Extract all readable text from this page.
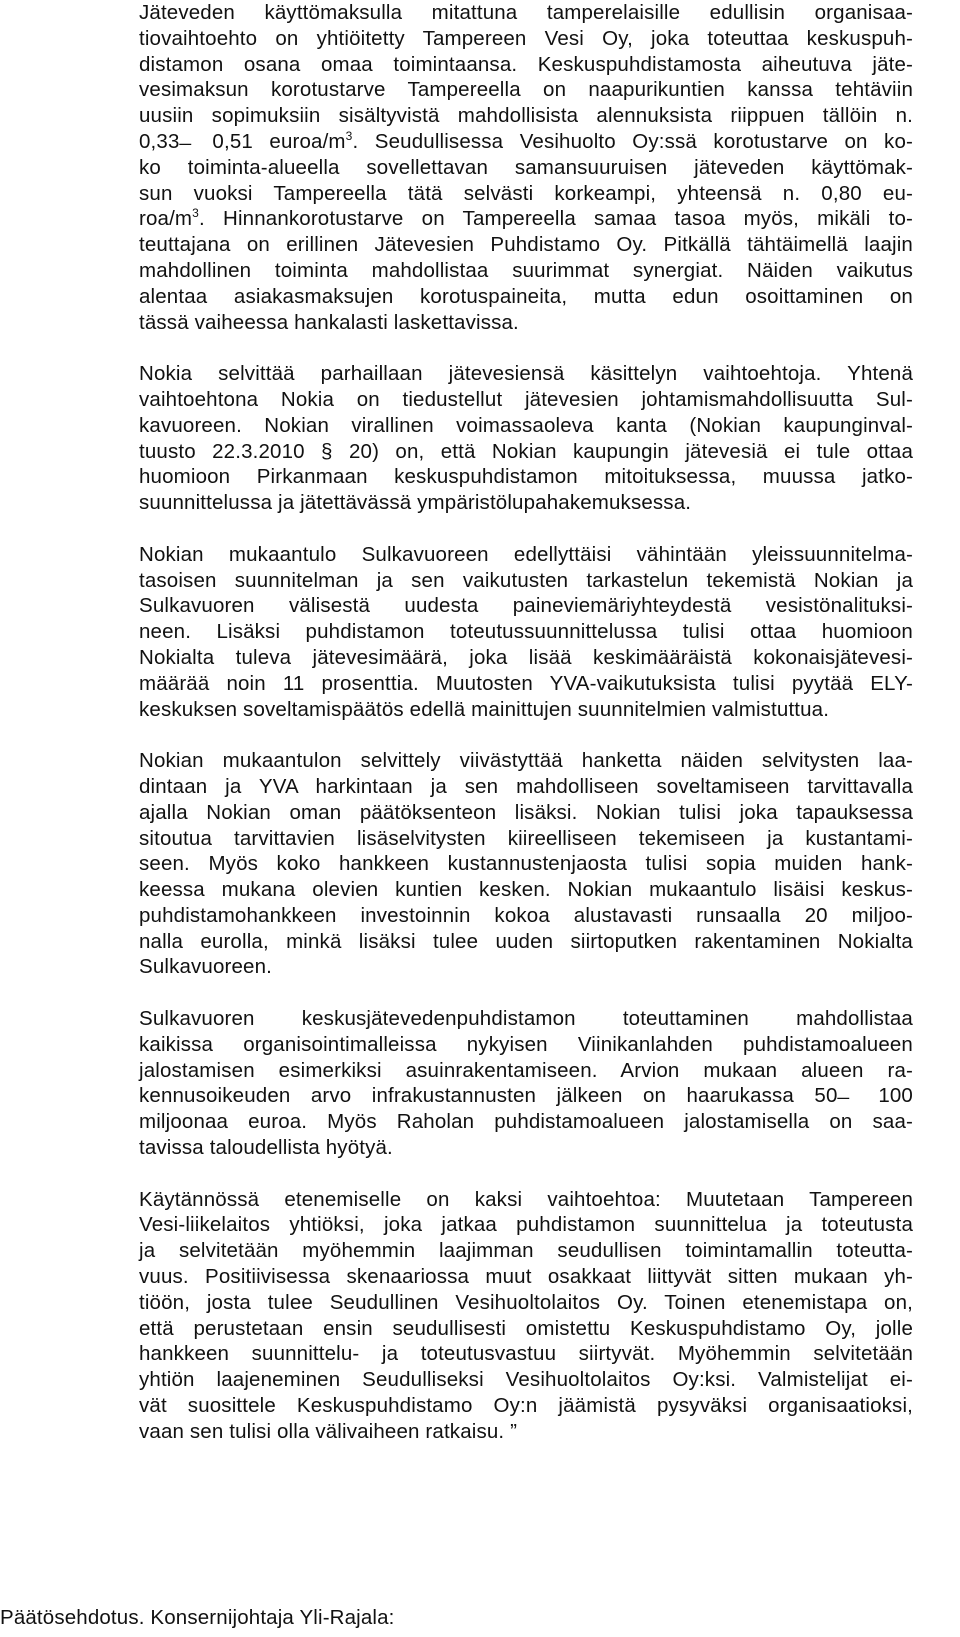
Jäteveden käyttömaksulla mitattuna tamperelaisille edullisin organisaa-
tiovaihtoehto on yhtiöitetty Tampereen Vesi Oy, joka toteuttaa keskuspuh-
distamon osana omaa toimintaansa. Keskuspuhdistamosta aiheutuva jäte-
vesimaksun korotustarve Tampereella on naapurikuntien kanssa tehtäviin
uusiin sopimuksiin sisältyvistä mahdollisista alennuksista riippuen tällöin n.
0,33 ̶ 0,51 euroa/$m^3$. Seudullisessa Vesihuolto Oy:ssä korotustarve on ko-
ko toiminta-alueella sovellettavan samansuuruisen jäteveden käyttömak-
sun vuoksi Tampereella tätä selvästi korkeampi, yhteensä n. 0,80 eu-
roa/$m^3$. Hinnankorotustarve on Tampereella samaa tasoa myös, mikäli to-
teuttajana on erillinen Jätevesien Puhdistamo Oy. Pitkällä tähtäimellä laajin
mahdollinen toiminta mahdollistaa suurimmat synergiat. Näiden vaikutus
alentaa asiakasmaksujen korotuspaineita, mutta edun osoittaminen on
tässä vaiheessa hankalasti laskettavissa.

Nokia selvittää parhaillaan jätevesiensä käsittelyn vaihtoehtoja. Yhtenä
vaihtoehtona Nokia on tiedustellut jätevesien johtamismahdollisuutta Sul-
kavuoreen. Nokian virallinen voimassaoleva kanta (Nokian kaupunginval-
tuusto 22.3.2010 § 20) on, että Nokian kaupungin jätevesiä ei tule ottaa
huomioon Pirkanmaan keskuspuhdistamon mitoituksessa, muussa jatko-
suunnittelussa ja jätettävässä ympäristölupahakemuksessa.

Nokian mukaantulo Sulkavuoreen edellyttäisi vähintään yleissuunnitelma-
tasoisen suunnitelman ja sen vaikutusten tarkastelun tekemistä Nokian ja
Sulkavuoren välisestä uudesta paineviemäriyhteydestä vesistönalituksi-
neen. Lisäksi puhdistamon toteutussuunnittelussa tulisi ottaa huomioon
Nokialta tuleva jätevesimäärä, joka lisää keskimääräistä kokonaisjätevesi-
määrää noin 11 prosenttia. Muutosten YVA-vaikutuksista tulisi pyytää ELY-
keskuksen soveltamispäätös edellä mainittujen suunnitelmien valmistuttua.

Nokian mukaantulon selvittely viivästyttää hanketta näiden selvitysten laa-
dintaan ja YVA harkintaan ja sen mahdolliseen soveltamiseen tarvittavalla
ajalla Nokian oman päätöksenteon lisäksi. Nokian tulisi joka tapauksessa
sitoutua tarvittavien lisäselvitysten kiireelliseen tekemiseen ja kustantami-
seen. Myös koko hankkeen kustannustenjaosta tulisi sopia muiden hank-
keessa mukana olevien kuntien kesken. Nokian mukaantulo lisäisi keskus-
puhdistamohankkeen investoinnin kokoa alustavasti runsaalla 20 miljoo-
nalla eurolla, minkä lisäksi tulee uuden siirtoputken rakentaminen Nokialta
Sulkavuoreen.

Sulkavuoren keskusjätevedenpuhdistamon toteuttaminen mahdollistaa
kaikissa organisointimalleissa nykyisen Viinikanlahden puhdistamoalueen
jalostamisen esimerkiksi asuinrakentamiseen. Arvion mukaan alueen ra-
kennusoikeuden arvo infrakustannusten jälkeen on haarukassa 50 ̶ 100
miljoonaa euroa. Myös Raholan puhdistamoalueen jalostamisella on saa-
tavissa taloudellista hyötyä.

Käytännössä etenemiselle on kaksi vaihtoehtoa: Muutetaan Tampereen
Vesi-liikelaitos yhtiöksi, joka jatkaa puhdistamon suunnittelua ja toteutusta
ja selvitetään myöhemmin laajimman seudullisen toimintamallin toteutta-
vuus. Positiivisessa skenaariossa muut osakkaat liittyvät sitten mukaan yh-
tiöön, josta tulee Seudullinen Vesihuoltolaitos Oy. Toinen etenemistapa on,
että perustetaan ensin seudullisesti omistettu Keskuspuhdistamo Oy, jolle
hankkeen suunnittelu- ja toteutusvastuu siirtyvät. Myöhemmin selvitetään
yhtiön laajeneminen Seudulliseksi Vesihuoltolaitos Oy:ksi. Valmistelijat ei-
vät suosittele Keskuspuhdistamo Oy:n jäämistä pysyväksi organisaatioksi,
vaan sen tulisi olla välivaiheen ratkaisu. ”

Päätösehdotus. Konsernijohtaja Yli-Rajala:
